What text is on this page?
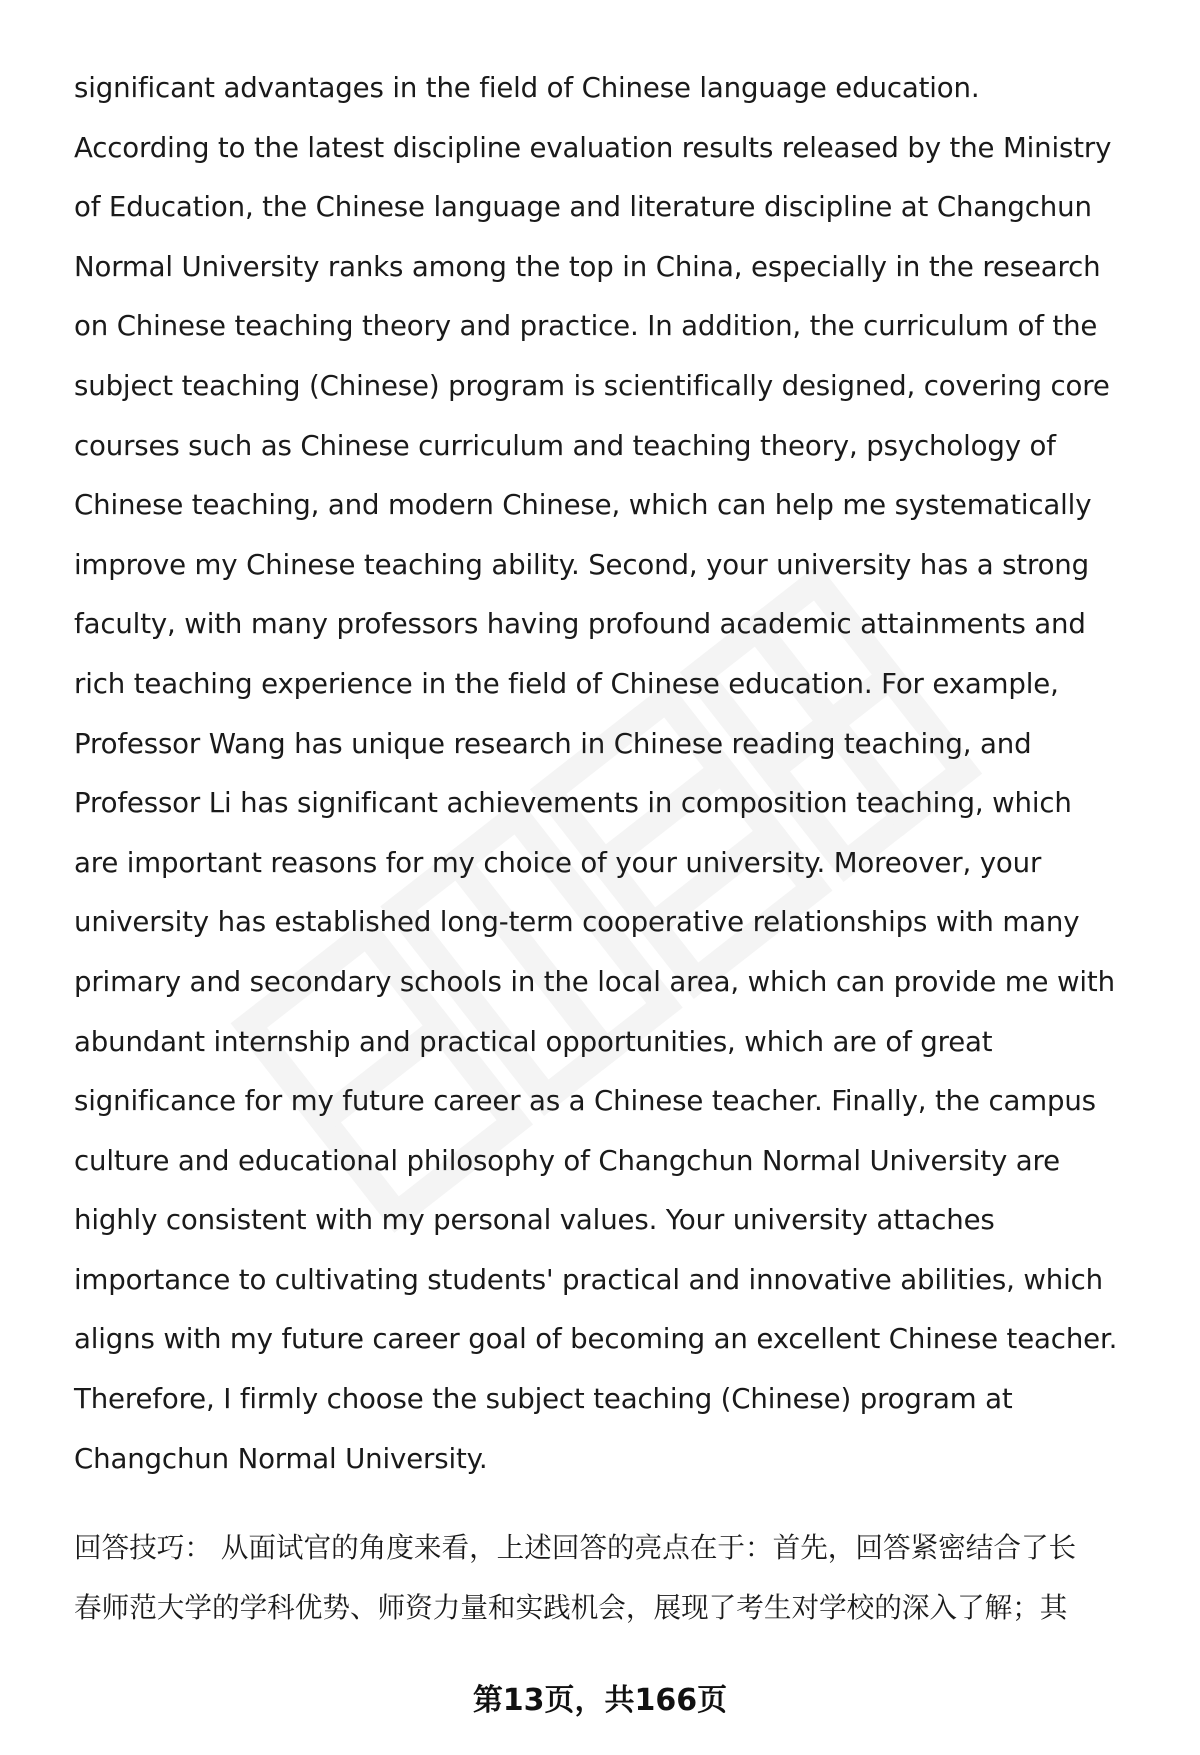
significant advantages in the field of Chinese language education.
According to the latest discipline evaluation results released by the Ministry
of Education, the Chinese language and literature discipline at Changchun
Normal University ranks among the top in China, especially in the research
on Chinese teaching theory and practice. In addition, the curriculum of the
subject teaching (Chinese) program is scientifically designed, covering core
courses such as Chinese curriculum and teaching theory, psychology of
Chinese teaching, and modern Chinese, which can help me systematically
improve my Chinese teaching ability. Second, your university has a strong
faculty, with many professors having profound academic attainments and
rich teaching experience in the field of Chinese education. For example,
Professor Wang has unique research in Chinese reading teaching, and
Professor Li has significant achievements in composition teaching, which
are important reasons for my choice of your university. Moreover, your
university has established long-term cooperative relationships with many
primary and secondary schools in the local area, which can provide me with
abundant internship and practical opportunities, which are of great
significance for my future career as a Chinese teacher. Finally, the campus
culture and educational philosophy of Changchun Normal University are
highly consistent with my personal values. Your university attaches
importance to cultivating students' practical and innovative abilities, which
aligns with my future career goal of becoming an excellent Chinese teacher.
Therefore, I firmly choose the subject teaching (Chinese) program at
Changchun Normal University.

回答技巧： 从面试官的角度来看，上述回答的亮点在于：首先，回答紧密结合了长
春师范大学的学科优势、师资力量和实践机会，展现了考生对学校的深入了解；其

第13页，共166页
